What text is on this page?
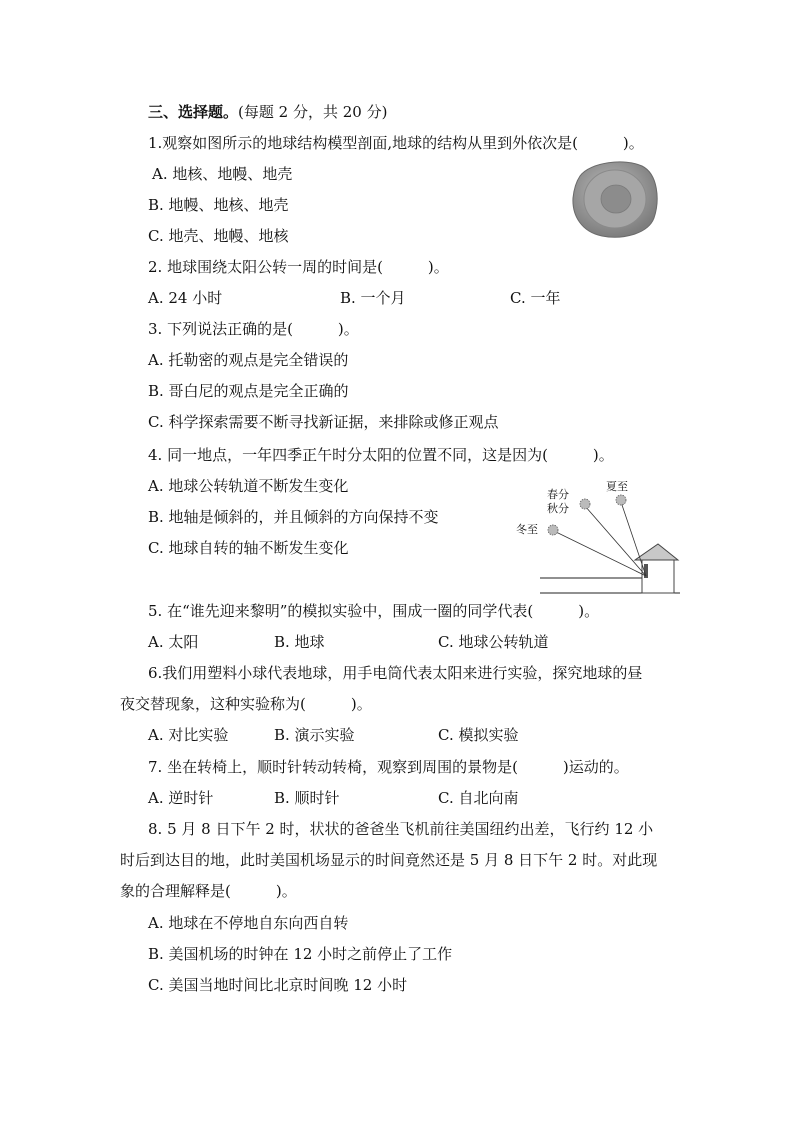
三、选择题。(每题 2 分，共 20 分)
1.观察如图所示的地球结构模型剖面,地球的结构从里到外依次是(　　　)。
A. 地核、地幔、地壳
B. 地幔、地核、地壳
C. 地壳、地幔、地核
2. 地球围绕太阳公转一周的时间是(　　　)。
A. 24 小时	B. 一个月	C. 一年
3. 下列说法正确的是(　　　)。
A. 托勒密的观点是完全错误的
B. 哥白尼的观点是完全正确的
C. 科学探索需要不断寻找新证据，来排除或修正观点
4. 同一地点，一年四季正午时分太阳的位置不同，这是因为(　　　)。
A. 地球公转轨道不断发生变化
B. 地轴是倾斜的，并且倾斜的方向保持不变
C. 地球自转的轴不断发生变化
夏至
春分
秋分
冬至
5. 在“谁先迎来黎明”的模拟实验中，围成一圈的同学代表(　　　)。
A. 太阳	B. 地球	C. 地球公转轨道
6.我们用塑料小球代表地球，用手电筒代表太阳来进行实验，探究地球的昼
夜交替现象，这种实验称为(　　　)。
A. 对比实验	B. 演示实验	C. 模拟实验
7. 坐在转椅上，顺时针转动转椅，观察到周围的景物是(　　　)运动的。
A. 逆时针	B. 顺时针	C. 自北向南
8. 5 月 8 日下午 2 时，状状的爸爸坐飞机前往美国纽约出差，飞行约 12 小
时后到达目的地，此时美国机场显示的时间竟然还是 5 月 8 日下午 2 时。对此现
象的合理解释是(　　　)。
A. 地球在不停地自东向西自转
B. 美国机场的时钟在 12 小时之前停止了工作
C. 美国当地时间比北京时间晚 12 小时
